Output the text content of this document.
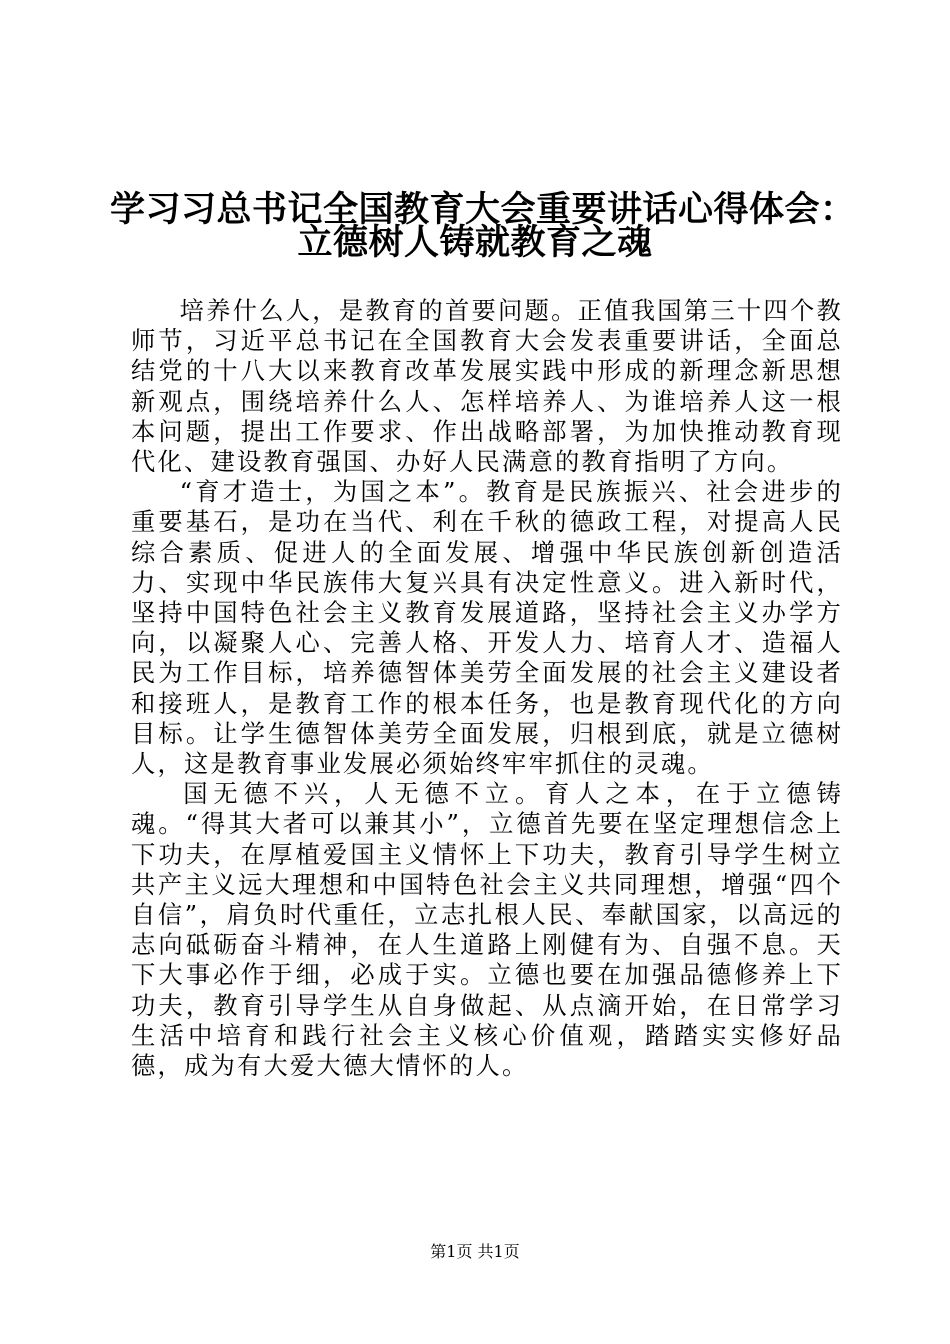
学习习总书记全国教育大会重要讲话心得体会：
立德树人铸就教育之魂

培养什么人，是教育的首要问题。正值我国第三十四个教师节，习近平总书记在全国教育大会发表重要讲话，全面总结党的十八大以来教育改革发展实践中形成的新理念新思想新观点，围绕培养什么人、怎样培养人、为谁培养人这一根本问题，提出工作要求、作出战略部署，为加快推动教育现代化、建设教育强国、办好人民满意的教育指明了方向。

“育才造士，为国之本”。教育是民族振兴、社会进步的重要基石，是功在当代、利在千秋的德政工程，对提高人民综合素质、促进人的全面发展、增强中华民族创新创造活力、实现中华民族伟大复兴具有决定性意义。进入新时代，坚持中国特色社会主义教育发展道路，坚持社会主义办学方向，以凝聚人心、完善人格、开发人力、培育人才、造福人民为工作目标，培养德智体美劳全面发展的社会主义建设者和接班人，是教育工作的根本任务，也是教育现代化的方向目标。让学生德智体美劳全面发展，归根到底，就是立德树人，这是教育事业发展必须始终牢牢抓住的灵魂。

国无德不兴，人无德不立。育人之本，在于立德铸魂。“得其大者可以兼其小”，立德首先要在坚定理想信念上下功夫，在厚植爱国主义情怀上下功夫，教育引导学生树立共产主义远大理想和中国特色社会主义共同理想，增强“四个自信”，肩负时代重任，立志扎根人民、奉献国家，以高远的志向砥砺奋斗精神，在人生道路上刚健有为、自强不息。天下大事必作于细，必成于实。立德也要在加强品德修养上下功夫，教育引导学生从自身做起、从点滴开始，在日常学习生活中培育和践行社会主义核心价值观，踏踏实实修好品德，成为有大爱大德大情怀的人。

第1页 共1页
